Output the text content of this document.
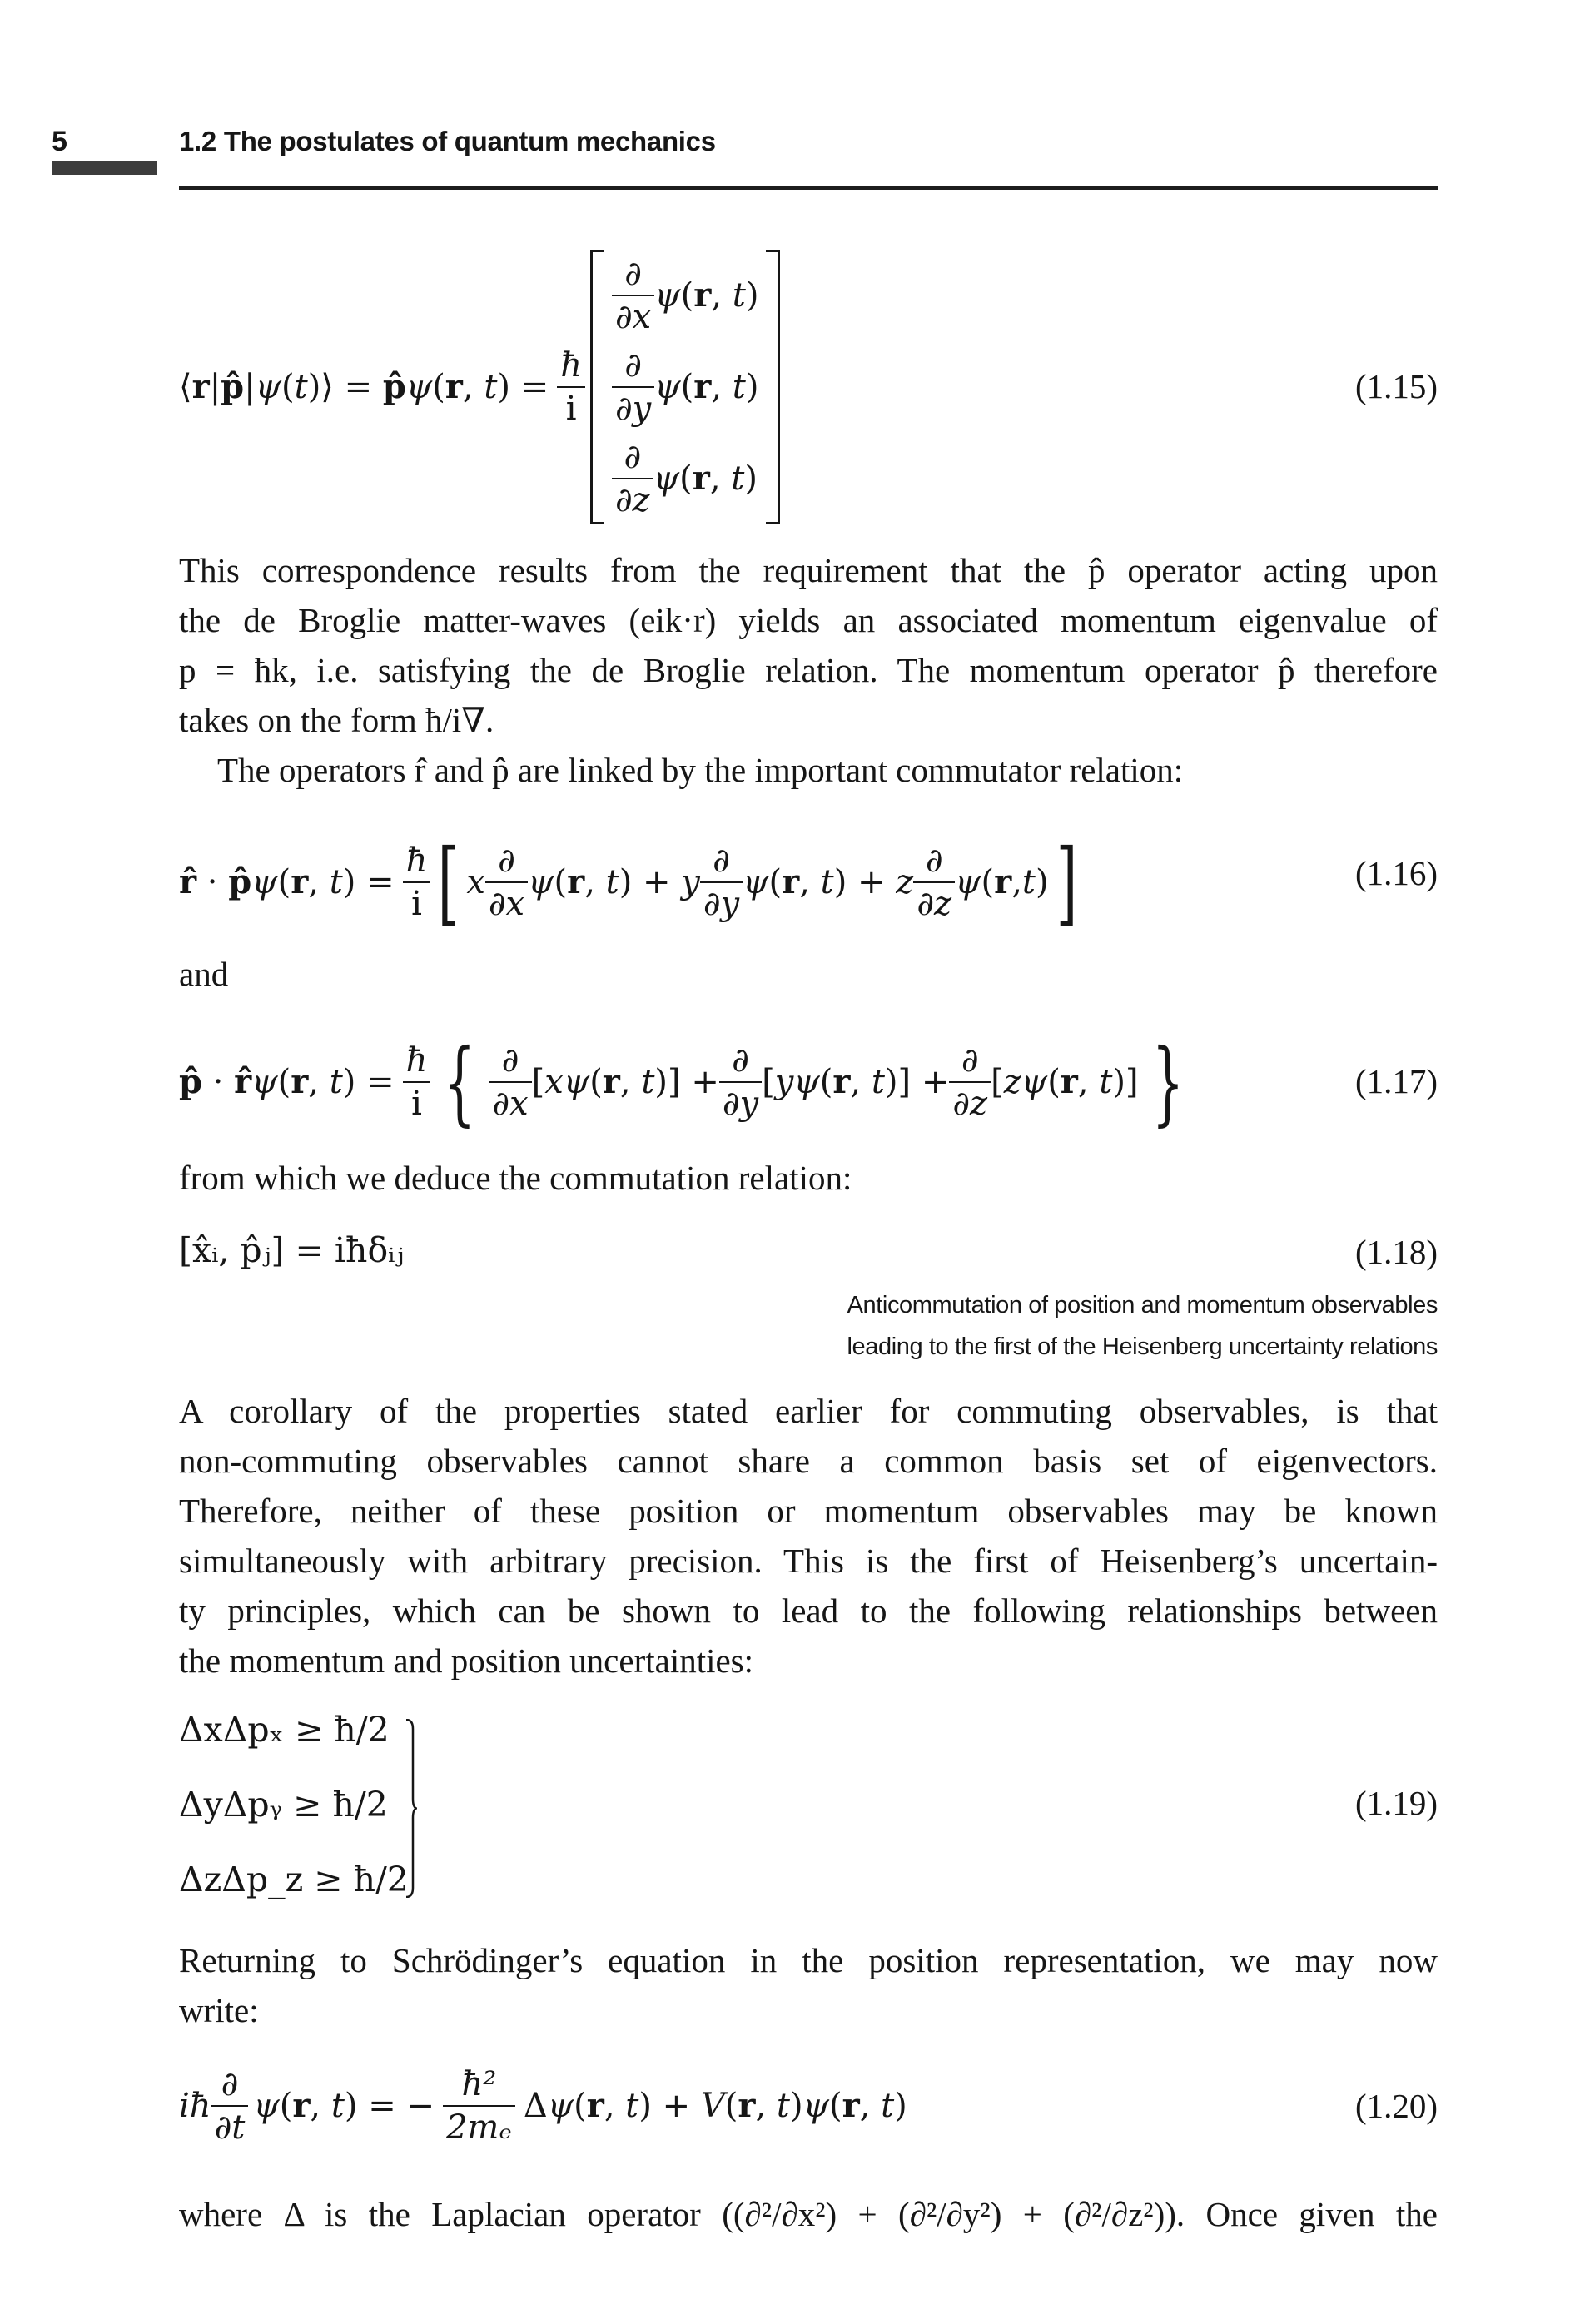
5	1.2 The postulates of quantum mechanics
⟨r|p̂|ψ(t)⟩ = p̂ψ(r, $t) = \frac{ħ}{i}$
$\frac{\partial}{\partial x} \psi(r$, t)
$\frac{\partial}{\partial y} \psi(r$, t)
$\frac{\partial}{\partial z} \psi(r$, t)
(1.15)
This correspondence results from the requirement that the p̂ operator acting upon
the de Broglie matter-waves (eik·r) yields an associated momentum eigenvalue of
p = ħk, i.e. satisfying the de Broglie relation. The momentum operator p̂ therefore
takes on the form ħ/i∇.
The operators r̂ and p̂ are linked by the important commutator relation:
r̂ · p̂ψ(r, $t) = \frac{ħ}{i}$ [ x $\frac{\partial}{\partial x} \psi(r$, t) + y $\frac{\partial}{\partial y} \psi(r$, t) + z $\frac{\partial}{\partial z} \psi(r,t)$ ]	(1.16)
and
p̂ · r̂ψ(r, $t) = \frac{ħ}{i}$ { $\frac{\partial}{\partial x} [x\psi(r$, $t)] + \frac{\partial}{\partial y} [y\psi(r$, $t)] + \frac{\partial}{\partial z} [z\psi(r$, t)] }	(1.17)
from which we deduce the commutation relation:
[x̂ᵢ, p̂ⱼ] = iħδᵢⱼ	(1.18)
Anticommutation of position and momentum observables
leading to the first of the Heisenberg uncertainty relations
A corollary of the properties stated earlier for commuting observables, is that
non-commuting observables cannot share a common basis set of eigenvectors.
Therefore, neither of these position or momentum observables may be known
simultaneously with arbitrary precision. This is the first of Heisenberg’s uncertain-
ty principles, which can be shown to lead to the following relationships between
the momentum and position uncertainties:
ΔxΔpₓ ≥ ħ/2
ΔyΔpᵧ ≥ ħ/2
ΔzΔp_z ≥ ħ/2
(1.19)
Returning to Schrödinger’s equation in the position representation, we may now
write:
iħ $\frac{\partial}{\partial t} \psi(r$, t) = − $\frac{\text{ħ²}}{\text{2mₑ}} \Delta\psi(r$, t) + V(r, t)ψ(r, t)	(1.20)
where Δ is the Laplacian operator ((∂²/∂x²) + (∂²/∂y²) + (∂²/∂z²)). Once given the
